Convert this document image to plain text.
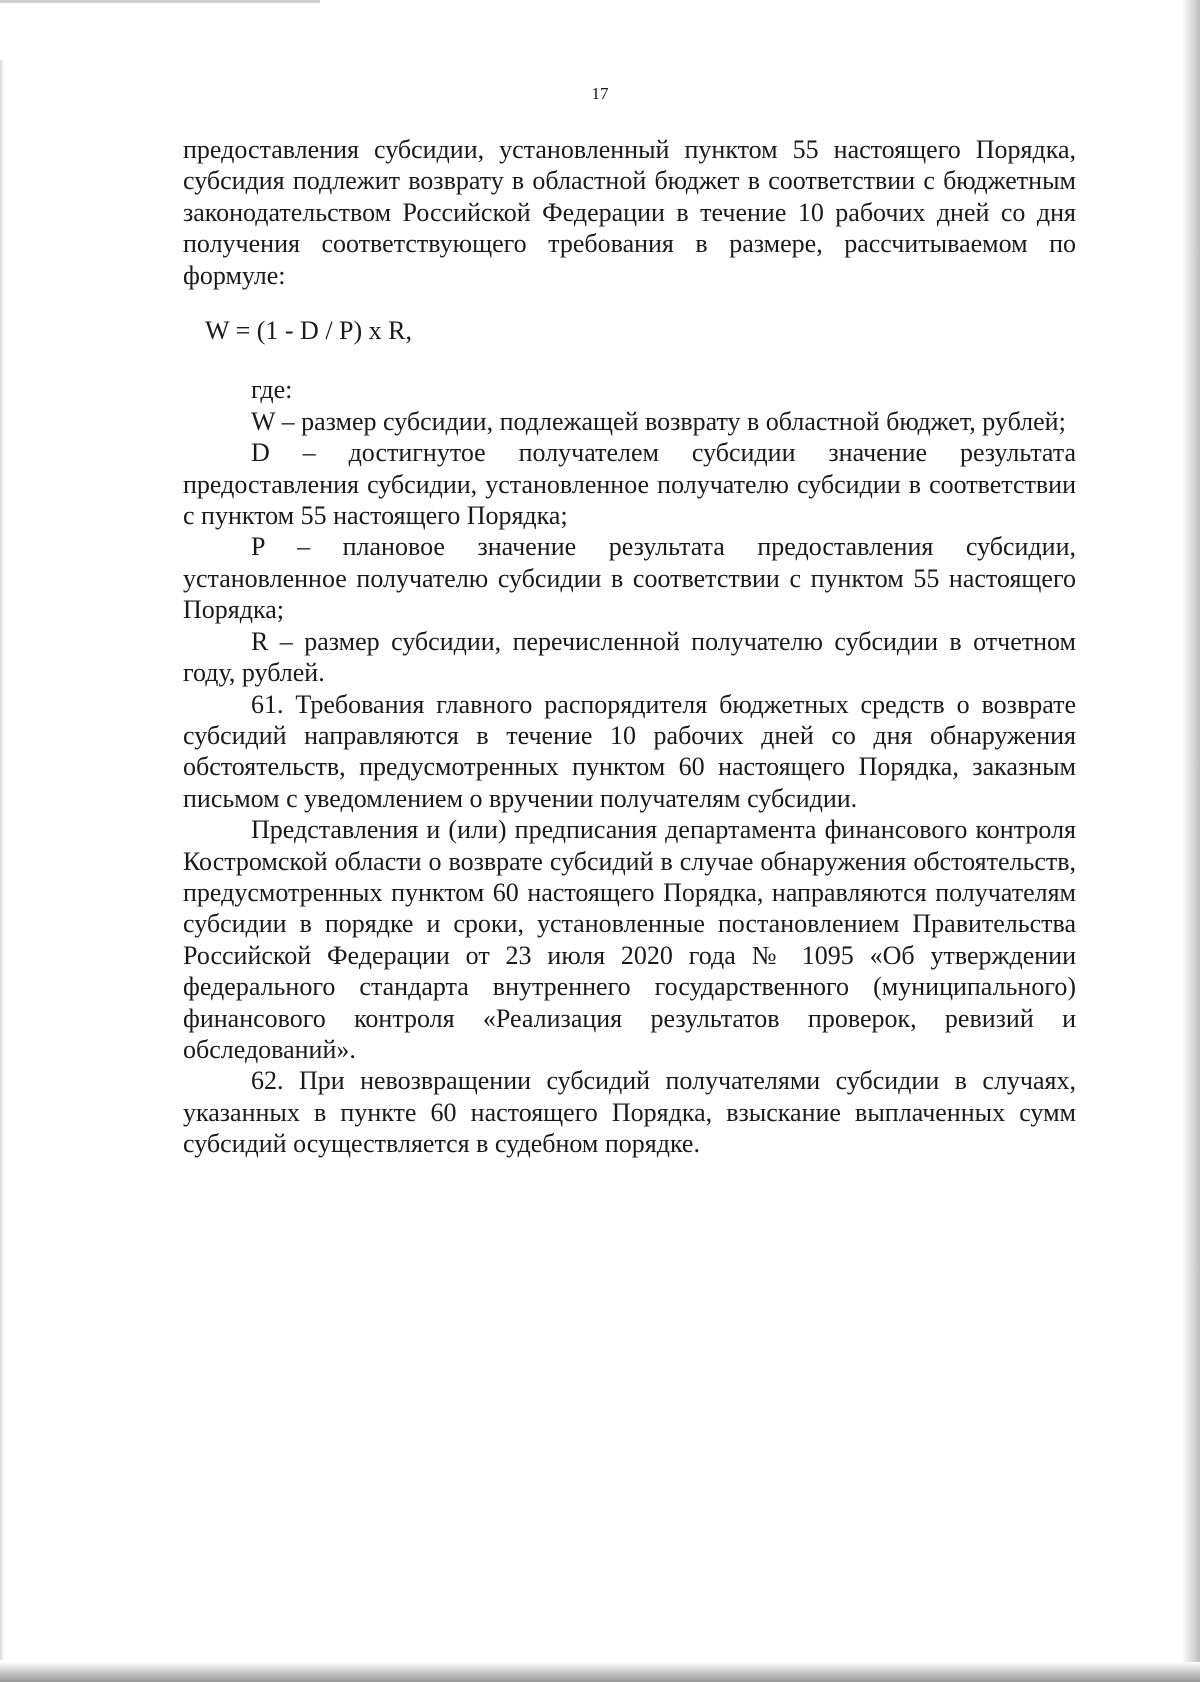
17

предоставления субсидии, установленный пунктом 55 настоящего Порядка, субсидия подлежит возврату в областной бюджет в соответствии с бюджетным законодательством Российской Федерации в течение 10 рабочих дней со дня получения соответствующего требования в размере, рассчитываемом по формуле:

W = (1 - D / P) x R,

где:

W – размер субсидии, подлежащей возврату в областной бюджет, рублей;

D – достигнутое получателем субсидии значение результата предоставления субсидии, установленное получателю субсидии в соответствии с пунктом 55 настоящего Порядка;

P – плановое значение результата предоставления субсидии, установленное получателю субсидии в соответствии с пунктом 55 настоящего Порядка;

R – размер субсидии, перечисленной получателю субсидии в отчетном году, рублей.

61. Требования главного распорядителя бюджетных средств о возврате субсидий направляются в течение 10 рабочих дней со дня обнаружения обстоятельств, предусмотренных пунктом 60 настоящего Порядка, заказным письмом с уведомлением о вручении получателям субсидии.

Представления и (или) предписания департамента финансового контроля Костромской области о возврате субсидий в случае обнаружения обстоятельств, предусмотренных пунктом 60 настоящего Порядка, направляются получателям субсидии в порядке и сроки, установленные постановлением Правительства Российской Федерации от 23 июля 2020 года № 1095 «Об утверждении федерального стандарта внутреннего государственного (муниципального) финансового контроля «Реализация результатов проверок, ревизий и обследований».

62. При невозвращении субсидий получателями субсидии в случаях, указанных в пункте 60 настоящего Порядка, взыскание выплаченных сумм субсидий осуществляется в судебном порядке.
